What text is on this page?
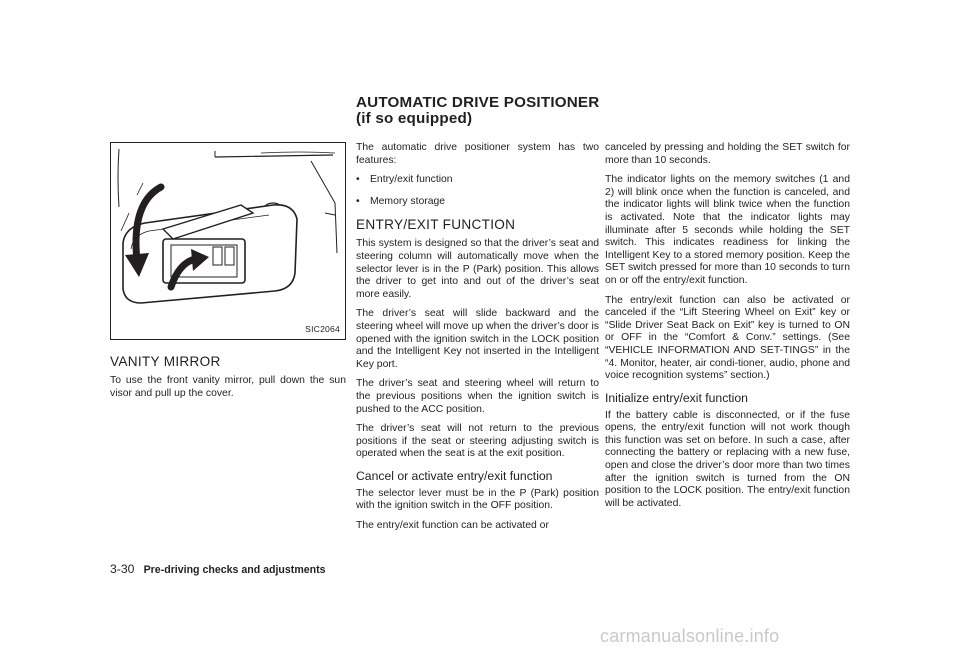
SIC2064
VANITY MIRROR

To use the front vanity mirror, pull down the sun visor and pull up the cover.

AUTOMATIC DRIVE POSITIONER (if so equipped)

The automatic drive positioner system has two features:

• Entry/exit function
• Memory storage
ENTRY/EXIT FUNCTION

This system is designed so that the driver’s seat and steering column will automatically move when the selector lever is in the P (Park) position. This allows the driver to get into and out of the driver’s seat more easily.

The driver’s seat will slide backward and the steering wheel will move up when the driver’s door is opened with the ignition switch in the LOCK position and the Intelligent Key not inserted in the Intelligent Key port.

The driver’s seat and steering wheel will return to the previous positions when the ignition switch is pushed to the ACC position.

The driver’s seat will not return to the previous positions if the seat or steering adjusting switch is operated when the seat is at the exit position.

Cancel or activate entry/exit function

The selector lever must be in the P (Park) position with the ignition switch in the OFF position.

The entry/exit function can be activated or

canceled by pressing and holding the SET switch for more than 10 seconds.

The indicator lights on the memory switches (1 and 2) will blink once when the function is canceled, and the indicator lights will blink twice when the function is activated. Note that the indicator lights may illuminate after 5 seconds while holding the SET switch. This indicates readiness for linking the Intelligent Key to a stored memory position. Keep the SET switch pressed for more than 10 seconds to turn on or off the entry/exit function.

The entry/exit function can also be activated or canceled if the “Lift Steering Wheel on Exit” key or “Slide Driver Seat Back on Exit” key is turned to ON or OFF in the “Comfort & Conv.” settings. (See “VEHICLE INFORMATION AND SET-TINGS” in the “4. Monitor, heater, air condi-tioner, audio, phone and voice recognition systems” section.)

Initialize entry/exit function

If the battery cable is disconnected, or if the fuse opens, the entry/exit function will not work though this function was set on before. In such a case, after connecting the battery or replacing with a new fuse, open and close the driver’s door more than two times after the ignition switch is turned from the ON position to the LOCK position. The entry/exit function will be activated.

3-30 Pre-driving checks and adjustments
carmanualsonline.info
